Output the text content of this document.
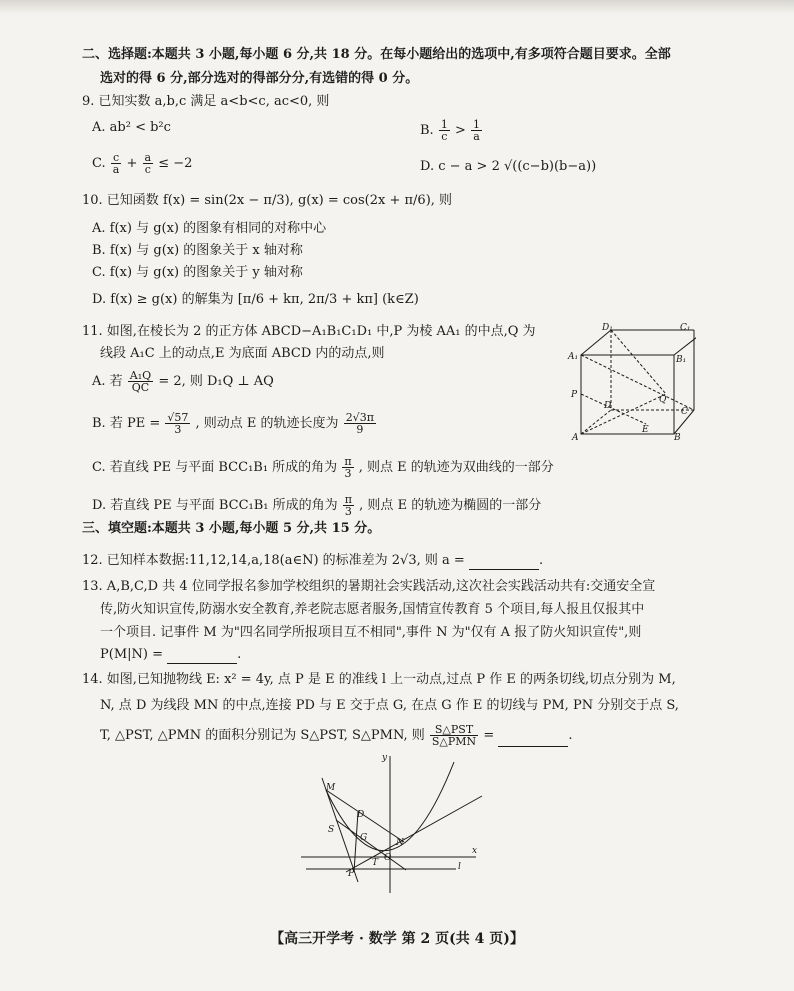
二、选择题:本题共 3 小题,每小题 6 分,共 18 分。在每小题给出的选项中,有多项符合题目要求。全部
选对的得 6 分,部分选对的得部分分,有选错的得 0 分。
9. 已知实数 a,b,c 满足 a<b<c, ac<0, 则
A. ab² < b²c	B. $\frac{1}{c} > \frac{1}{a}$
C. $\frac{c}{a} + \frac{a}{c} \le -2$	D. c − a > 2 √((c−b)(b−a))
10. 已知函数 f(x) = sin(2x − π/3), g(x) = cos(2x + π/6), 则
A. f(x) 与 g(x) 的图象有相同的对称中心
B. f(x) 与 g(x) 的图象关于 x 轴对称
C. f(x) 与 g(x) 的图象关于 y 轴对称
D. f(x) ≥ g(x) 的解集为 [π/6 + kπ, 2π/3 + kπ] (k∈Z)
11. 如图,在棱长为 2 的正方体 ABCD−A₁B₁C₁D₁ 中,P 为棱 AA₁ 的中点,Q 为
线段 A₁C 上的动点,E 为底面 ABCD 内的动点,则
A. 若 $\frac{\text{A₁Q}}{QC} = 2$, 则 D₁Q ⊥ AQ
B. 若 PE = $\frac{√57}{3}$ , 则动点 E 的轨迹长度为 $\frac{2√3\pi}{9}$
C. 若直线 PE 与平面 BCC₁B₁ 所成的角为 $\frac{\pi}{3}$ , 则点 E 的轨迹为双曲线的一部分
D. 若直线 PE 与平面 BCC₁B₁ 所成的角为 $\frac{\pi}{3}$ , 则点 E 的轨迹为椭圆的一部分
D₁	C₁
A₁	B₁
P	Q
D
C
A	B
E
三、填空题:本题共 3 小题,每小题 5 分,共 15 分。
12. 已知样本数据:11,12,14,a,18(a∈N) 的标准差为 2√3, 则 a =	.
13. A,B,C,D 共 4 位同学报名参加学校组织的暑期社会实践活动,这次社会实践活动共有:交通安全宣
传,防火知识宣传,防溺水安全教育,养老院志愿者服务,国情宣传教育 5 个项目,每人报且仅报其中
一个项目. 记事件 M 为"四名同学所报项目互不相同",事件 N 为"仅有 A 报了防火知识宣传",则
P(M|N) =	.
14. 如图,已知抛物线 E: x² = 4y, 点 P 是 E 的准线 l 上一动点,过点 P 作 E 的两条切线,切点分别为 M,
N, 点 D 为线段 MN 的中点,连接 PD 与 E 交于点 G, 在点 G 作 E 的切线与 PM, PN 分别交于点 S,
T, △PST, △PMN 的面积分别记为 S△PST, S△PMN, 则 $\frac{\text{S△PST}}{\text{S△PMN}}$ =	.
y
x
M
D
S
G	N
O
T
P
l
【高三开学考 · 数学 第 2 页(共 4 页)】
